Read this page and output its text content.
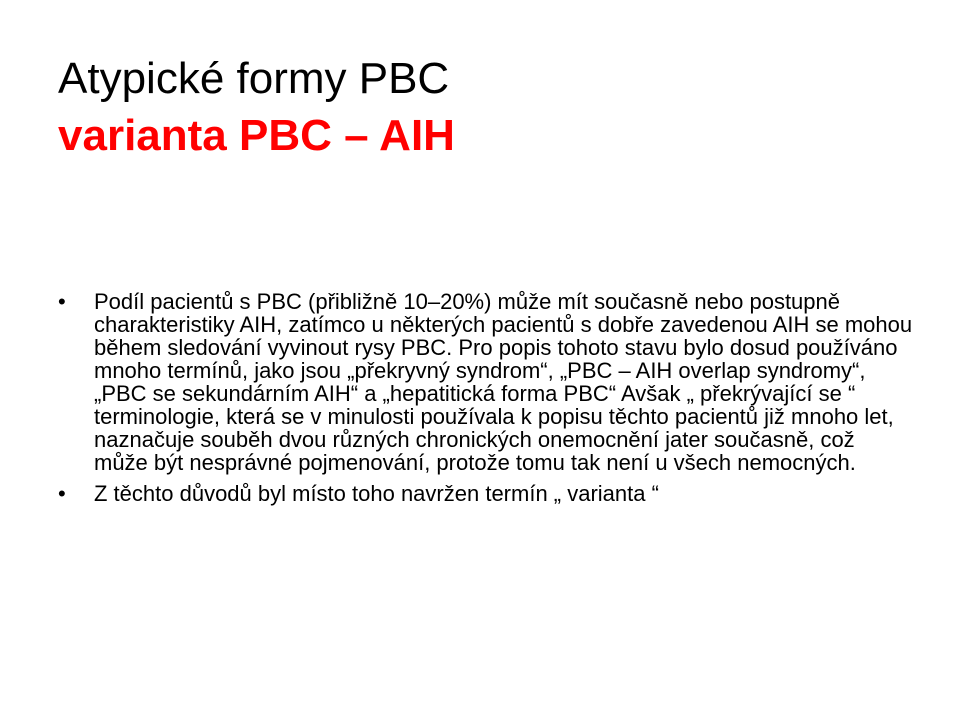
Atypické formy PBC
varianta PBC – AIH
•	Podíl pacientů s PBC (přibližně 10–20%) může mít současně nebo postupně charakteristiky AIH, zatímco u některých pacientů s dobře zavedenou AIH se mohou během sledování vyvinout rysy PBC. Pro popis tohoto stavu bylo dosud používáno mnoho termínů, jako jsou „překryvný syndrom“, „PBC – AIH overlap syndromy“, „PBC se sekundárním AIH“ a „hepatitická forma PBC“ Avšak „ překrývající se “ terminologie, která se v minulosti používala k popisu těchto pacientů již mnoho let, naznačuje souběh dvou různých chronických onemocnění jater současně, což může být nesprávné pojmenování, protože tomu tak není u všech nemocných.
•	Z těchto důvodů byl místo toho navržen termín „ varianta “
